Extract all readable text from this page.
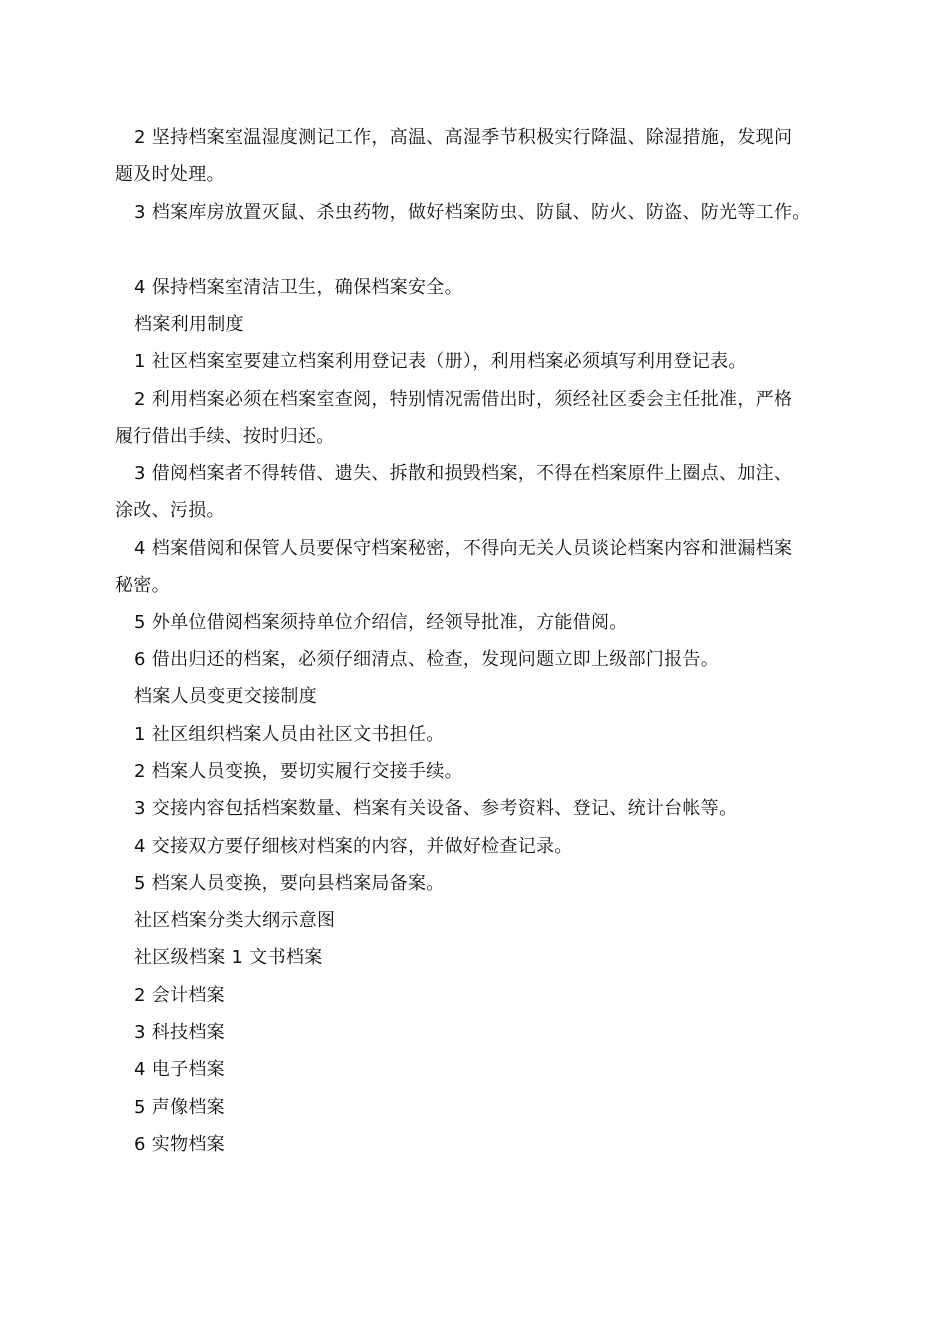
2 坚持档案室温湿度测记工作，高温、高湿季节积极实行降温、除湿措施，发现问
题及时处理。
3 档案库房放置灭鼠、杀虫药物，做好档案防虫、防鼠、防火、防盗、防光等工作。
4 保持档案室清洁卫生，确保档案安全。
档案利用制度
1 社区档案室要建立档案利用登记表（册），利用档案必须填写利用登记表。
2 利用档案必须在档案室查阅，特别情况需借出时，须经社区委会主任批准，严格
履行借出手续、按时归还。
3 借阅档案者不得转借、遗失、拆散和损毁档案，不得在档案原件上圈点、加注、
涂改、污损。
4 档案借阅和保管人员要保守档案秘密，不得向无关人员谈论档案内容和泄漏档案
秘密。
5 外单位借阅档案须持单位介绍信，经领导批准，方能借阅。
6 借出归还的档案，必须仔细清点、检查，发现问题立即上级部门报告。
档案人员变更交接制度
1 社区组织档案人员由社区文书担任。
2 档案人员变换，要切实履行交接手续。
3 交接内容包括档案数量、档案有关设备、参考资料、登记、统计台帐等。
4 交接双方要仔细核对档案的内容，并做好检查记录。
5 档案人员变换，要向县档案局备案。
社区档案分类大纲示意图
社区级档案 1 文书档案
2 会计档案
3 科技档案
4 电子档案
5 声像档案
6 实物档案
